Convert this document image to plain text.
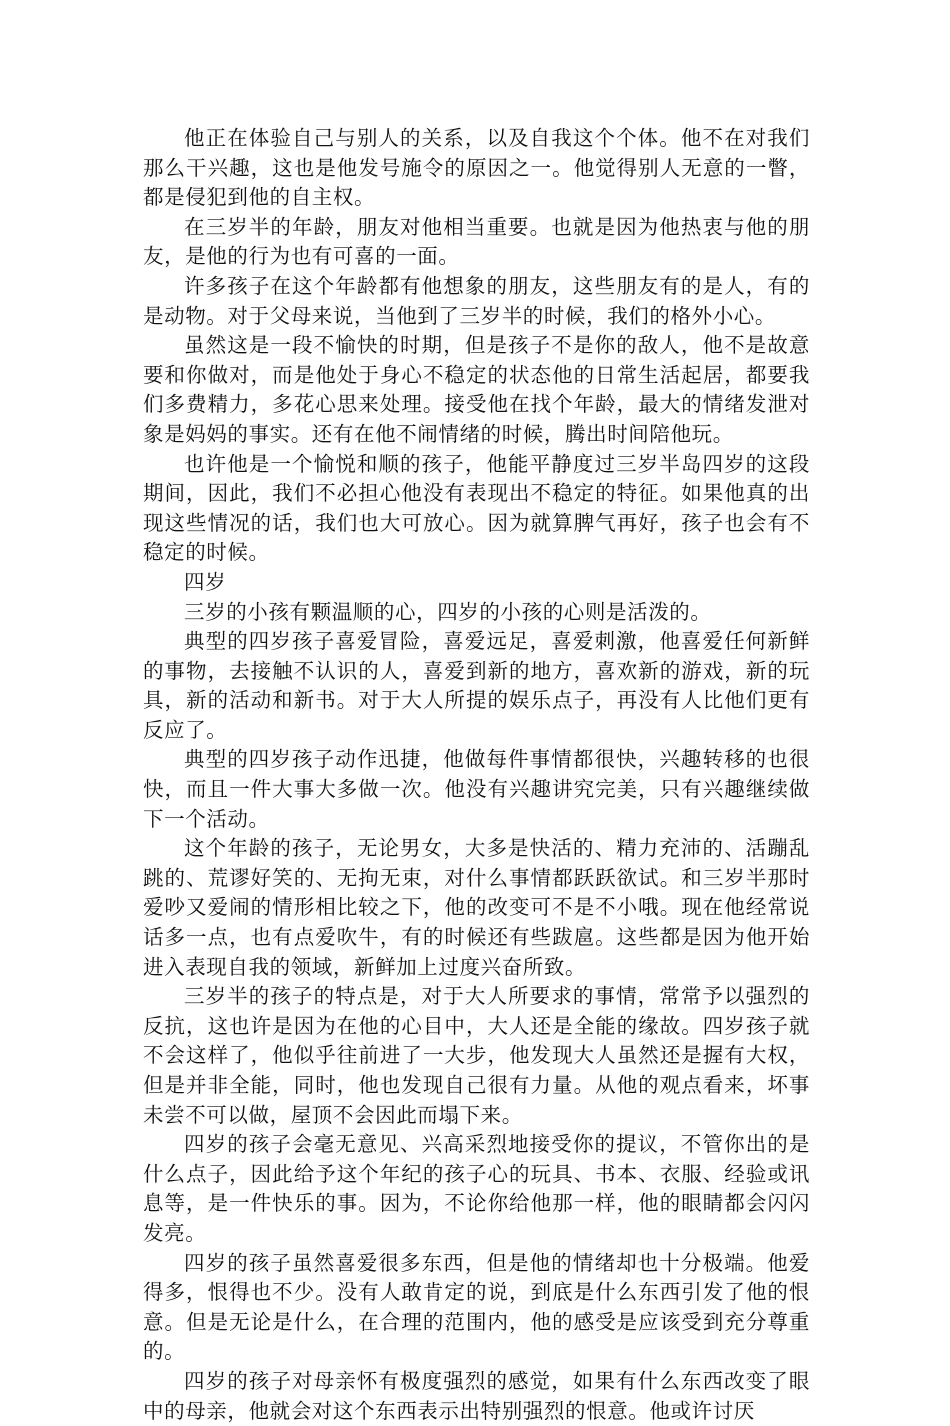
他正在体验自己与别人的关系，以及自我这个个体。他不在对我们那么干兴趣，这也是他发号施令的原因之一。他觉得别人无意的一瞥，都是侵犯到他的自主权。

在三岁半的年龄，朋友对他相当重要。也就是因为他热衷与他的朋友，是他的行为也有可喜的一面。

许多孩子在这个年龄都有他想象的朋友，这些朋友有的是人，有的是动物。对于父母来说，当他到了三岁半的时候，我们的格外小心。

虽然这是一段不愉快的时期，但是孩子不是你的敌人，他不是故意要和你做对，而是他处于身心不稳定的状态他的日常生活起居，都要我们多费精力，多花心思来处理。接受他在找个年龄，最大的情绪发泄对象是妈妈的事实。还有在他不闹情绪的时候，腾出时间陪他玩。

也许他是一个愉悦和顺的孩子，他能平静度过三岁半岛四岁的这段期间，因此，我们不必担心他没有表现出不稳定的特征。如果他真的出现这些情况的话，我们也大可放心。因为就算脾气再好，孩子也会有不稳定的时候。

四岁

三岁的小孩有颗温顺的心，四岁的小孩的心则是活泼的。

典型的四岁孩子喜爱冒险，喜爱远足，喜爱刺激，他喜爱任何新鲜的事物，去接触不认识的人，喜爱到新的地方，喜欢新的游戏，新的玩具，新的活动和新书。对于大人所提的娱乐点子，再没有人比他们更有反应了。

典型的四岁孩子动作迅捷，他做每件事情都很快，兴趣转移的也很快，而且一件大事大多做一次。他没有兴趣讲究完美，只有兴趣继续做下一个活动。

这个年龄的孩子，无论男女，大多是快活的、精力充沛的、活蹦乱跳的、荒谬好笑的、无拘无束，对什么事情都跃跃欲试。和三岁半那时爱吵又爱闹的情形相比较之下，他的改变可不是不小哦。现在他经常说话多一点，也有点爱吹牛，有的时候还有些跋扈。这些都是因为他开始进入表现自我的领域，新鲜加上过度兴奋所致。

三岁半的孩子的特点是，对于大人所要求的事情，常常予以强烈的反抗，这也许是因为在他的心目中，大人还是全能的缘故。四岁孩子就不会这样了，他似乎往前进了一大步，他发现大人虽然还是握有大权，但是并非全能，同时，他也发现自己很有力量。从他的观点看来，坏事未尝不可以做，屋顶不会因此而塌下来。

四岁的孩子会毫无意见、兴高采烈地接受你的提议，不管你出的是什么点子，因此给予这个年纪的孩子心的玩具、书本、衣服、经验或讯息等，是一件快乐的事。因为，不论你给他那一样，他的眼睛都会闪闪发亮。

四岁的孩子虽然喜爱很多东西，但是他的情绪却也十分极端。他爱得多，恨得也不少。没有人敢肯定的说，到底是什么东西引发了他的恨意。但是无论是什么，在合理的范围内，他的感受是应该受到充分尊重的。

四岁的孩子对母亲怀有极度强烈的感觉，如果有什么东西改变了眼中的母亲，他就会对这个东西表示出特别强烈的恨意。他或许讨厌
